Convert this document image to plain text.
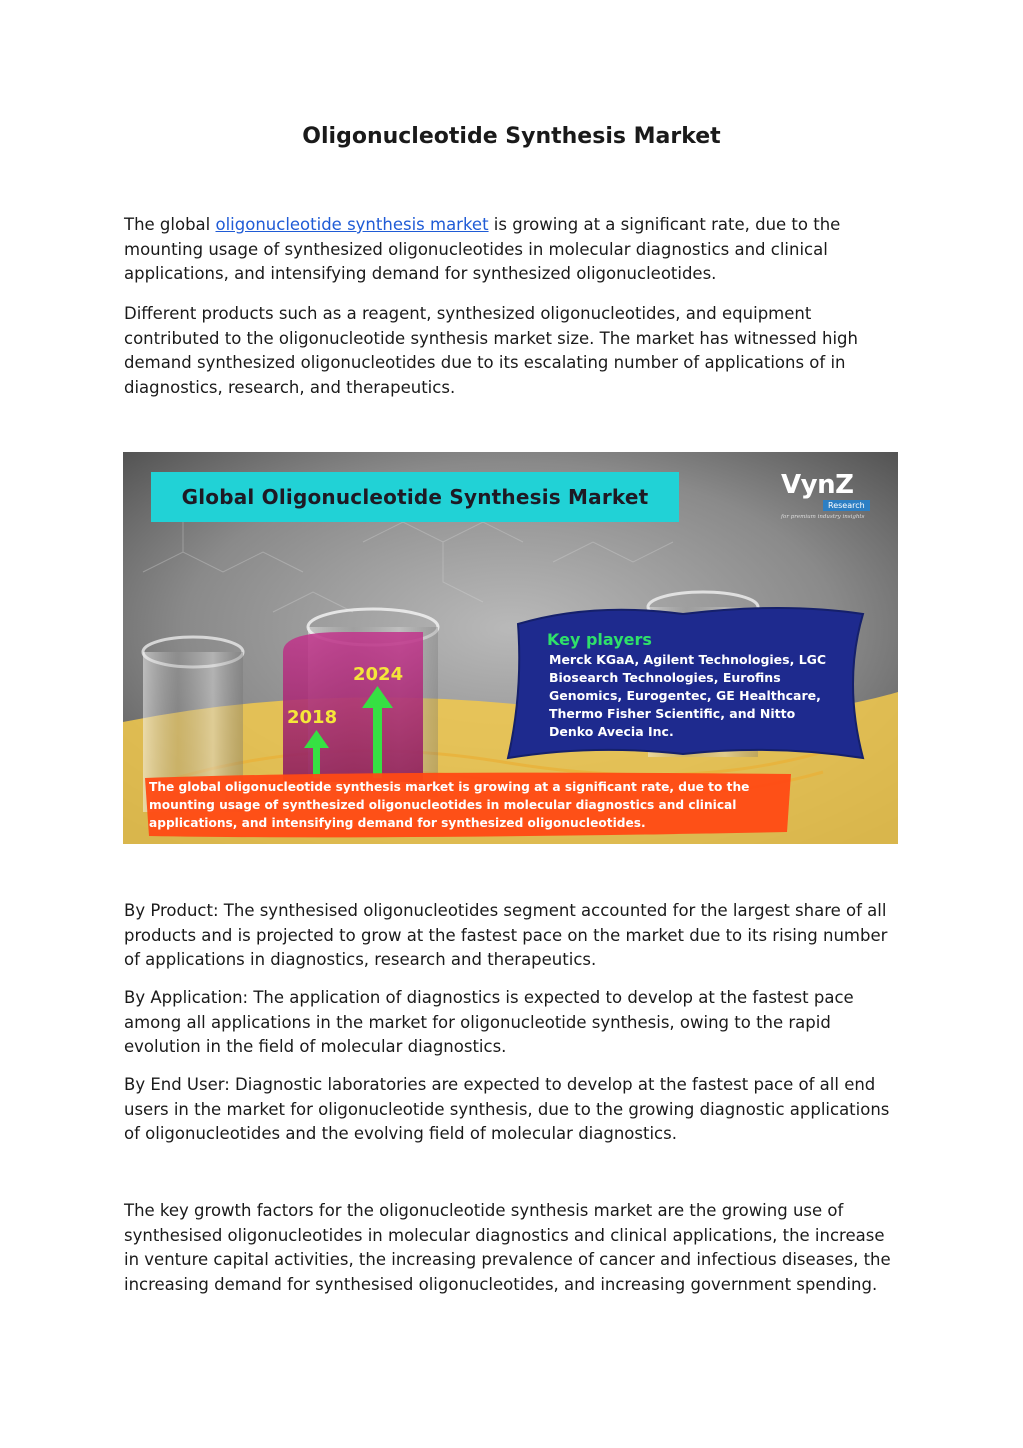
Oligonucleotide Synthesis Market

The global oligonucleotide synthesis market is growing at a significant rate, due to the mounting usage of synthesized oligonucleotides in molecular diagnostics and clinical applications, and intensifying demand for synthesized oligonucleotides.

Different products such as a reagent, synthesized oligonucleotides, and equipment contributed to the oligonucleotide synthesis market size. The market has witnessed high demand synthesized oligonucleotides due to its escalating number of applications of in diagnostics, research, and therapeutics.

Global Oligonucleotide Synthesis Market	VynZ
Research
for premium industry insights
2018
2024
Key players
Merck KGaA, Agilent Technologies, LGC Biosearch Technologies, Eurofins Genomics, Eurogentec, GE Healthcare, Thermo Fisher Scientific, and Nitto Denko Avecia Inc.
The global oligonucleotide synthesis market is growing at a significant rate, due to the mounting usage of synthesized oligonucleotides in molecular diagnostics and clinical applications, and intensifying demand for synthesized oligonucleotides.

By Product: The synthesised oligonucleotides segment accounted for the largest share of all products and is projected to grow at the fastest pace on the market due to its rising number of applications in diagnostics, research and therapeutics.

By Application: The application of diagnostics is expected to develop at the fastest pace among all applications in the market for oligonucleotide synthesis, owing to the rapid evolution in the field of molecular diagnostics.

By End User: Diagnostic laboratories are expected to develop at the fastest pace of all end users in the market for oligonucleotide synthesis, due to the growing diagnostic applications of oligonucleotides and the evolving field of molecular diagnostics.

The key growth factors for the oligonucleotide synthesis market are the growing use of synthesised oligonucleotides in molecular diagnostics and clinical applications, the increase in venture capital activities, the increasing prevalence of cancer and infectious diseases, the increasing demand for synthesised oligonucleotides, and increasing government spending.
